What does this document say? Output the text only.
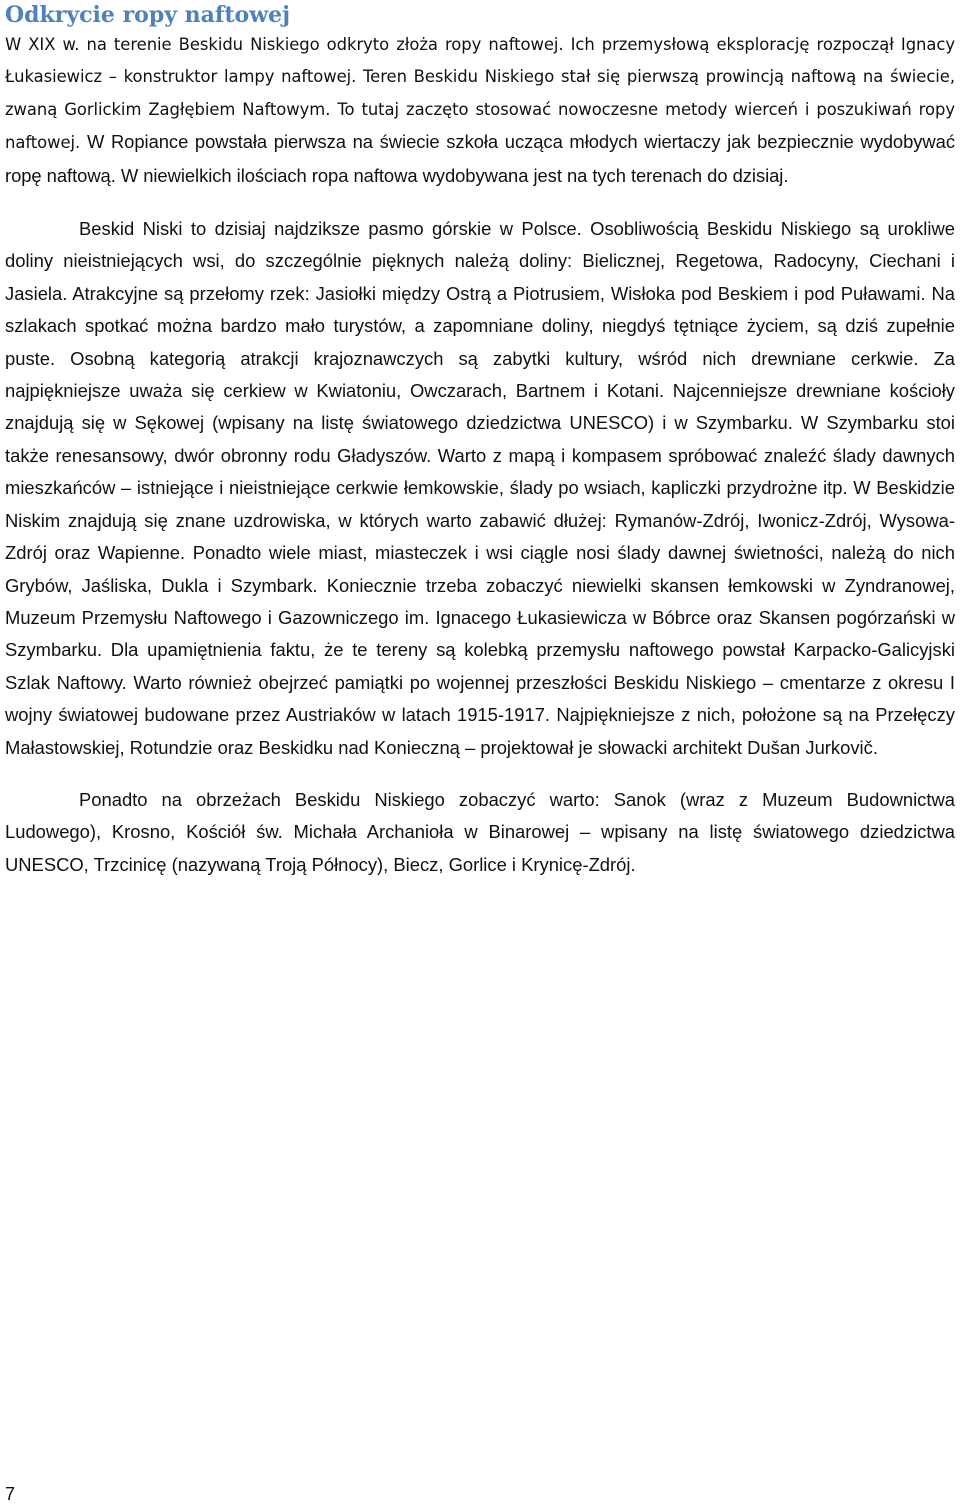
Odkrycie ropy naftowej

W XIX w. na terenie Beskidu Niskiego odkryto złoża ropy naftowej. Ich przemysłową eksplorację rozpoczął Ignacy Łukasiewicz – konstruktor lampy naftowej. Teren Beskidu Niskiego stał się pierwszą prowincją naftową na świecie, zwaną Gorlickim Zagłębiem Naftowym. To tutaj zaczęto stosować nowoczesne metody wierceń i poszukiwań ropy naftowej. W Ropiance powstała pierwsza na świecie szkoła ucząca młodych wiertaczy jak bezpiecznie wydobywać ropę naftową. W niewielkich ilościach ropa naftowa wydobywana jest na tych terenach do dzisiaj.

Beskid Niski to dzisiaj najdziksze pasmo górskie w Polsce. Osobliwością Beskidu Niskiego są urokliwe doliny nieistniejących wsi, do szczególnie pięknych należą doliny: Bielicznej, Regetowa, Radocyny, Ciechani i Jasiela. Atrakcyjne są przełomy rzek: Jasiołki między Ostrą a Piotrusiem, Wisłoka pod Beskiem i pod Puławami. Na szlakach spotkać można bardzo mało turystów, a zapomniane doliny, niegdyś tętniące życiem, są dziś zupełnie puste. Osobną kategorią atrakcji krajoznawczych są zabytki kultury, wśród nich drewniane cerkwie. Za najpiękniejsze uważa się cerkiew w Kwiatoniu, Owczarach, Bartnem i Kotani. Najcenniejsze drewniane kościoły znajdują się w Sękowej (wpisany na listę światowego dziedzictwa UNESCO) i w Szymbarku. W Szymbarku stoi także renesansowy, dwór obronny rodu Gładyszów. Warto z mapą i kompasem spróbować znaleźć ślady dawnych mieszkańców – istniejące i nieistniejące cerkwie łemkowskie, ślady po wsiach, kapliczki przydrożne itp. W Beskidzie Niskim znajdują się znane uzdrowiska, w których warto zabawić dłużej: Rymanów-Zdrój, Iwonicz-Zdrój, Wysowa-Zdrój oraz Wapienne. Ponadto wiele miast, miasteczek i wsi ciągle nosi ślady dawnej świetności, należą do nich Grybów, Jaśliska, Dukla i Szymbark. Koniecznie trzeba zobaczyć niewielki skansen łemkowski w Zyndranowej, Muzeum Przemysłu Naftowego i Gazowniczego im. Ignacego Łukasiewicza w Bóbrce oraz Skansen pogórzański w Szymbarku. Dla upamiętnienia faktu, że te tereny są kolebką przemysłu naftowego powstał Karpacko-Galicyjski Szlak Naftowy. Warto również obejrzeć pamiątki po wojennej przeszłości Beskidu Niskiego – cmentarze z okresu I wojny światowej budowane przez Austriaków w latach 1915-1917. Najpiękniejsze z nich, położone są na Przełęczy Małastowskiej, Rotundzie oraz Beskidku nad Konieczną – projektował je słowacki architekt Dušan Jurkovič.

Ponadto na obrzeżach Beskidu Niskiego zobaczyć warto: Sanok (wraz z Muzeum Budownictwa Ludowego), Krosno, Kościół św. Michała Archanioła w Binarowej – wpisany na listę światowego dziedzictwa UNESCO, Trzcinicę (nazywaną Troją Północy), Biecz, Gorlice i Krynicę-Zdrój.

7
